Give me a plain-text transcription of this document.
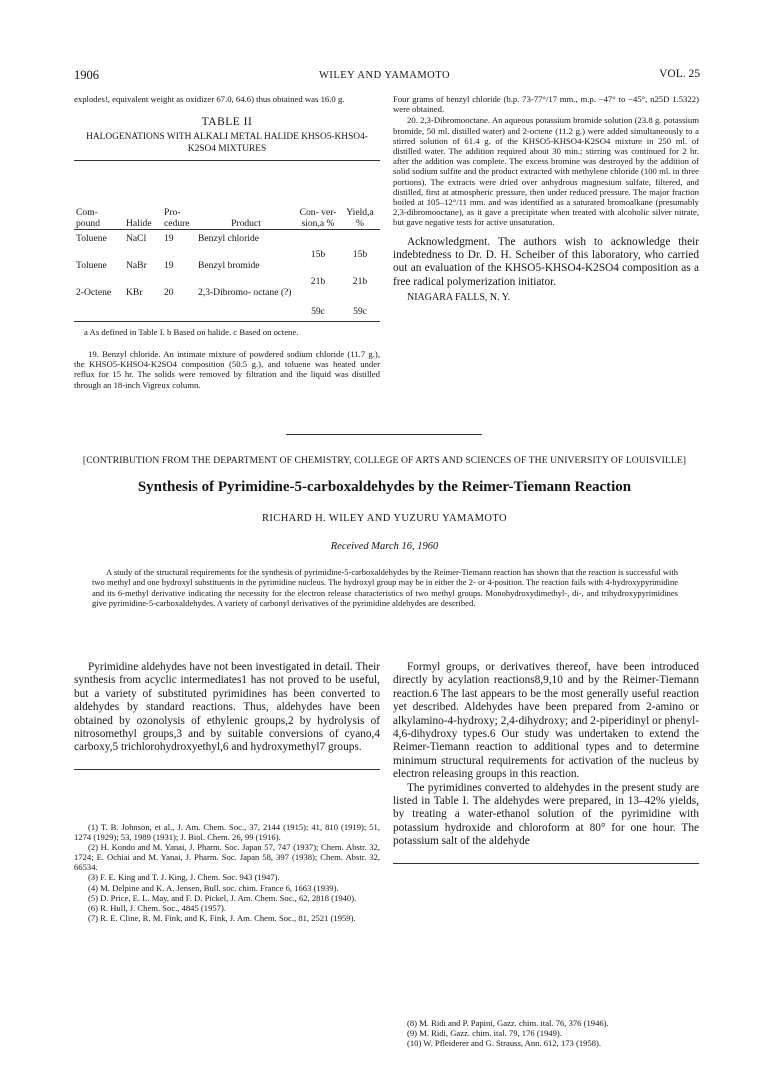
1906	WILEY AND YAMAMOTO	VOL. 25

explodes!, equivalent weight as oxidizer 67.0, 64.6) thus obtained was 16.0 g.

TABLE II
HALOGENATIONS WITH ALKALI METAL HALIDE KHSO5-KHSO4-K2SO4 MIXTURES
Com- pound	Halide	Pro- cedure	Product	Con- ver- sion,a %	Yield,a %

Toluene	NaCl	19	Benzyl chloride	15b	15b
Toluene	NaBr	19	Benzyl bromide	21b	21b
2-Octene	KBr	20	2,3-Dibromo- octane (?)	59c	59c

a As defined in Table I. b Based on halide. c Based on octene.

19. Benzyl chloride. An intimate mixture of powdered sodium chloride (11.7 g.), the KHSO5-KHSO4-K2SO4 composition (50.5 g.), and toluene was heated under reflux for 15 hr. The solids were removed by filtration and the liquid was distilled through an 18-inch Vigreux column.

Four grams of benzyl chloride (b.p. 73-77°/17 mm., m.p. −47° to −45°, n25D 1.5322) were obtained.

20. 2,3-Dibromooctane. An aqueous potassium bromide solution (23.8 g. potassium bromide, 50 ml. distilled water) and 2-octene (11.2 g.) were added simultaneously to a stirred solution of 61.4 g. of the KHSO5-KHSO4-K2SO4 mixture in 250 ml. of distilled water. The addition required about 30 min.; stirring was continued for 2 hr. after the addition was complete. The excess bromine was destroyed by the addition of solid sodium sulfite and the product extracted with methylene chloride (100 ml. in three portions). The extracts were dried over anhydrous magnesium sulfate, filtered, and distilled, first at atmospheric pressure, then under reduced pressure. The major fraction boiled at 105–12°/11 mm. and was identified as a saturated bromoalkane (presumably 2,3-dibromooctane), as it gave a precipitate when treated with alcoholic silver nitrate, but gave negative tests for active unsaturation.

Acknowledgment. The authors wish to acknowledge their indebtedness to Dr. D. H. Scheiber of this laboratory, who carried out an evaluation of the KHSO5-KHSO4-K2SO4 composition as a free radical polymerization initiator.

NIAGARA FALLS, N. Y.

[CONTRIBUTION FROM THE DEPARTMENT OF CHEMISTRY, COLLEGE OF ARTS AND SCIENCES OF THE UNIVERSITY OF LOUISVILLE]
Synthesis of Pyrimidine-5-carboxaldehydes by the Reimer-Tiemann Reaction
RICHARD H. WILEY AND YUZURU YAMAMOTO
Received March 16, 1960

A study of the structural requirements for the synthesis of pyrimidine-5-carboxaldehydes by the Reimer-Tiemann reaction has shown that the reaction is successful with two methyl and one hydroxyl substituents in the pyrimidine nucleus. The hydroxyl group may be in either the 2- or 4-position. The reaction fails with 4-hydroxypyrimidine and its 6-methyl derivative indicating the necessity for the electron release characteristics of two methyl groups. Monohydroxydimethyl-, di-, and trihydroxypyrimidines give pyrimidine-5-carboxaldehydes. A variety of carbonyl derivatives of the pyrimidine aldehydes are described.

Pyrimidine aldehydes have not been investigated in detail. Their synthesis from acyclic intermediates1 has not proved to be useful, but a variety of substituted pyrimidines has been converted to aldehydes by standard reactions. Thus, aldehydes have been obtained by ozonolysis of ethylenic groups,2 by hydrolysis of nitrosomethyl groups,3 and by suitable conversions of cyano,4 carboxy,5 trichlorohydroxyethyl,6 and hydroxymethyl7 groups.

(1) T. B. Johnson, et al., J. Am. Chem. Soc., 37, 2144 (1915); 41, 810 (1919); 51, 1274 (1929); 53, 1989 (1931); J. Biol. Chem. 26, 99 (1916).

(2) H. Kondo and M. Yanai, J. Pharm. Soc. Japan 57, 747 (1937); Chem. Abstr. 32, 1724; E. Ochiai and M. Yanai, J. Pharm. Soc. Japan 58, 397 (1938); Chem. Abstr. 32, 66534.

(3) F. E. King and T. J. King, J. Chem. Soc. 943 (1947).

(4) M. Delpine and K. A. Jensen, Bull. soc. chim. France 6, 1663 (1939).

(5) D. Price, E. L. May, and F. D. Pickel, J. Am. Chem. Soc., 62, 2818 (1940).

(6) R. Hull, J. Chem. Soc., 4845 (1957).

(7) R. E. Cline, R. M. Fink, and K. Fink, J. Am. Chem. Soc., 81, 2521 (1959).

Formyl groups, or derivatives thereof, have been introduced directly by acylation reactions8,9,10 and by the Reimer-Tiemann reaction.6 The last appears to be the most generally useful reaction yet described. Aldehydes have been prepared from 2-amino or alkylamino-4-hydroxy; 2,4-dihydroxy; and 2-piperidinyl or phenyl-4,6-dihydroxy types.6 Our study was undertaken to extend the Reimer-Tiemann reaction to additional types and to determine minimum structural requirements for activation of the nucleus by electron releasing groups in this reaction.

The pyrimidines converted to aldehydes in the present study are listed in Table I. The aldehydes were prepared, in 13–42% yields, by treating a water-ethanol solution of the pyrimidine with potassium hydroxide and chloroform at 80° for one hour. The potassium salt of the aldehyde

(8) M. Ridi and P. Papini, Gazz. chim. ital. 76, 376 (1946).

(9) M. Ridi, Gazz. chim. ital. 79, 176 (1949).

(10) W. Pfleiderer and G. Strauss, Ann. 612, 173 (1958).
